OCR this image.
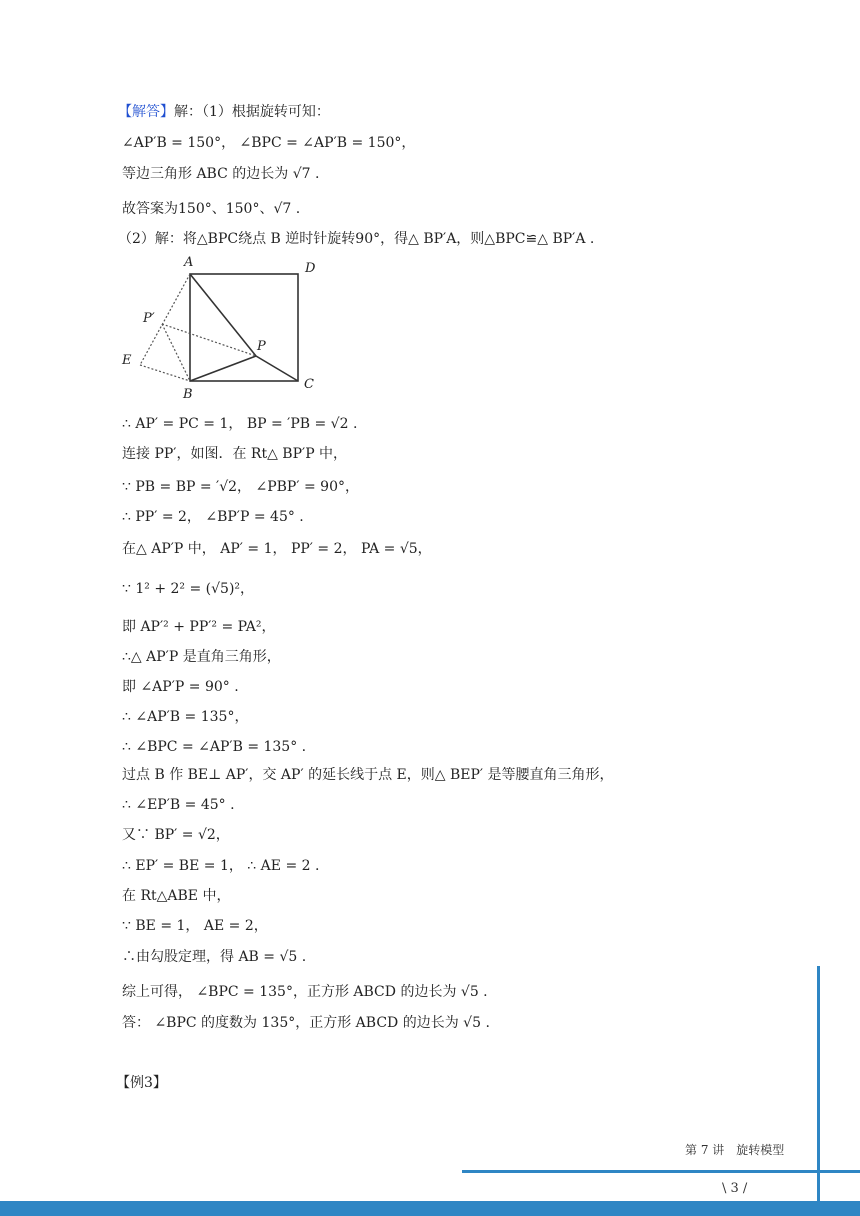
【解答】解：（1）根据旋转可知：
∠AP′B = 150°， ∠BPC = ∠AP′B = 150°，
等边三角形 ABC 的边长为 √7 .
故答案为150°、150°、√7 .
（2）解：将△BPC绕点 B 逆时针旋转90°，得△ BP′A，则△BPC≌△ BP′A .
A	D
P′
P
E
B
C
∴ AP′ = PC = 1， BP = ′PB = √2 .
连接 PP′，如图．在 Rt△ BP′P 中，
∵ PB = BP = ′√2， ∠PBP′ = 90°，
∴ PP′ = 2， ∠BP′P = 45° .
在△ AP′P 中， AP′ = 1， PP′ = 2， PA = √5，
∵ 1² + 2² = (√5)²，
即 AP′² + PP′² = PA²，
∴△ AP′P 是直角三角形，
即 ∠AP′P = 90° .
∴ ∠AP′B = 135°，
∴ ∠BPC = ∠AP′B = 135° .
过点 B 作 BE⊥ AP′，交 AP′ 的延长线于点 E，则△ BEP′ 是等腰直角三角形，
∴ ∠EP′B = 45° .
又∵ BP′ = √2，
∴ EP′ = BE = 1， ∴ AE = 2 .
在 Rt△ABE 中，
∵ BE = 1， AE = 2，
∴由勾股定理，得 AB = √5 .
综上可得， ∠BPC = 135°，正方形 ABCD 的边长为 √5 .
答： ∠BPC 的度数为 135°，正方形 ABCD 的边长为 √5 .
【例3】
第 7 讲　旋转模型
\ 3 /
